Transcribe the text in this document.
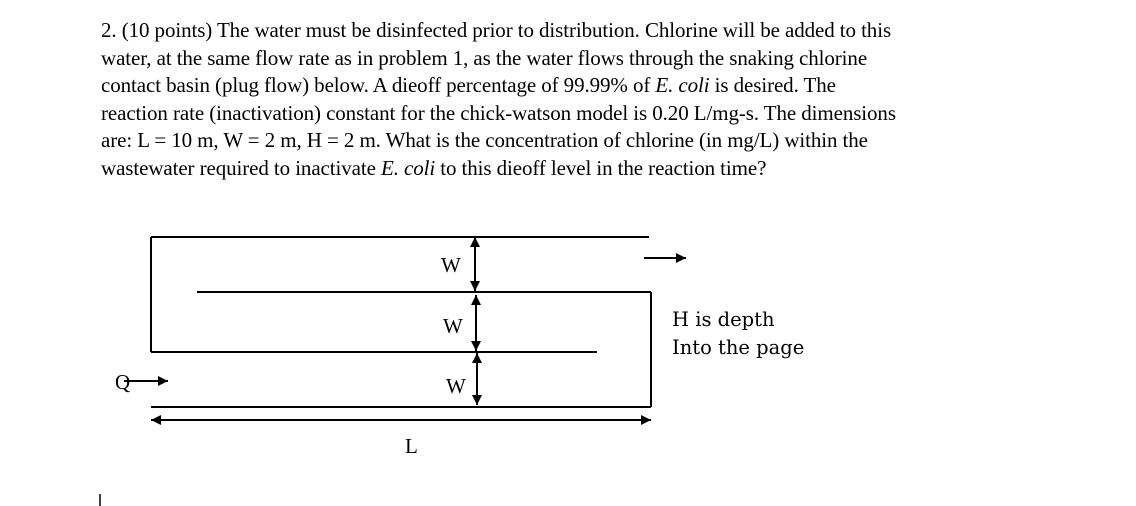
2. (10 points) The water must be disinfected prior to distribution. Chlorine will be added to this
water, at the same flow rate as in problem 1, as the water flows through the snaking chlorine
contact basin (plug flow) below. A dieoff percentage of 99.99% of E. coli is desired. The
reaction rate (inactivation) constant for the chick-watson model is 0.20 L/mg-s. The dimensions
are: L = 10 m, W = 2 m, H = 2 m. What is the concentration of chlorine (in mg/L) within the
wastewater required to inactivate E. coli to this dieoff level in the reaction time?
Q
W
W
W
L
H is depth
Into the page
